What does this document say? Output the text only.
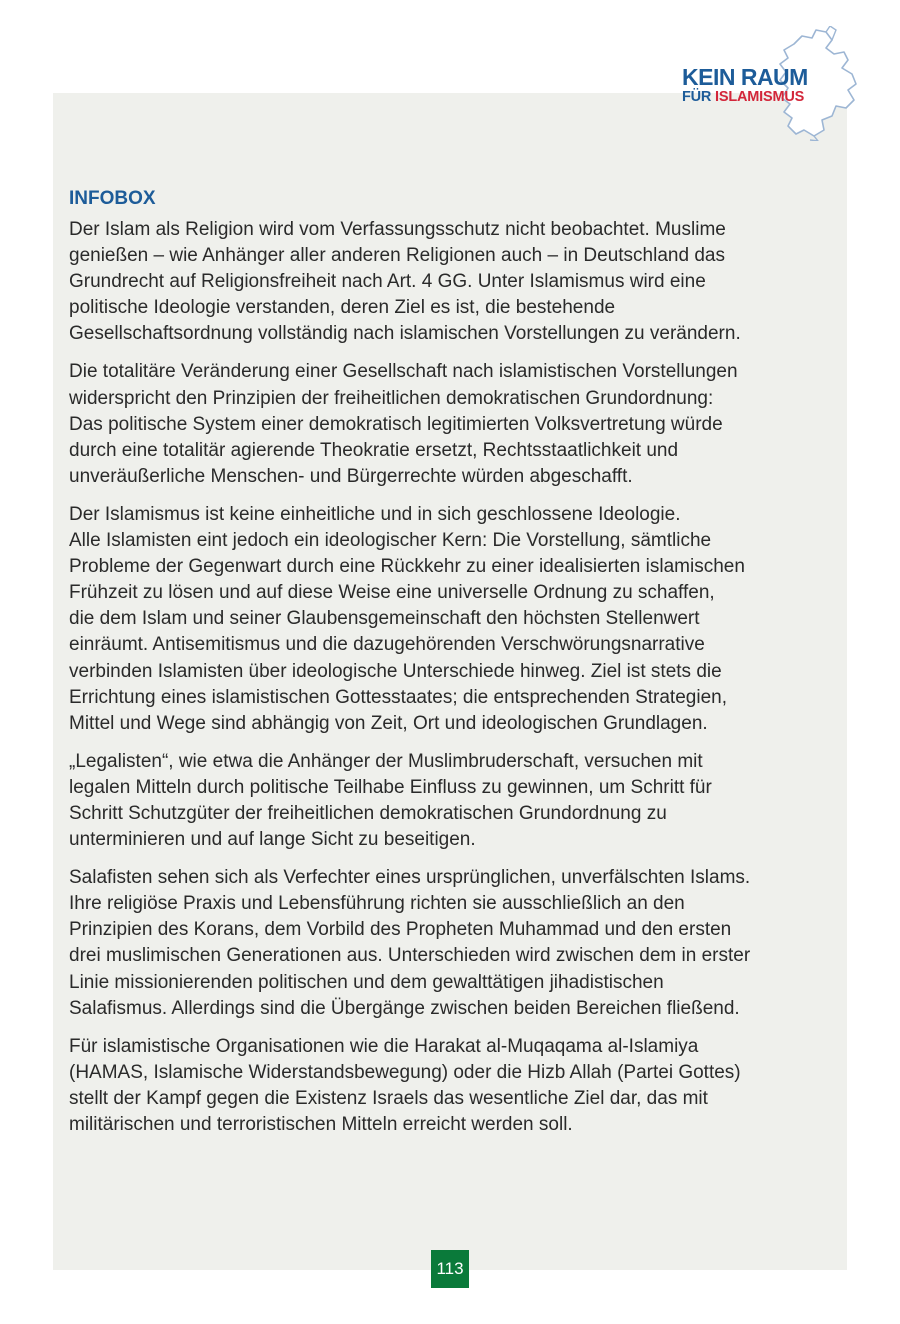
KEIN RAUM
FÜR ISLAMISMUS
INFOBOX

Der Islam als Religion wird vom Verfassungsschutz nicht beobachtet. Muslime
genießen – wie Anhänger aller anderen Religionen auch – in Deutschland das
Grundrecht auf Religionsfreiheit nach Art. 4 GG. Unter Islamismus wird eine
politische Ideologie verstanden, deren Ziel es ist, die bestehende
Gesellschaftsordnung vollständig nach islamischen Vorstellungen zu verändern.

Die totalitäre Veränderung einer Gesellschaft nach islamistischen Vorstellungen
widerspricht den Prinzipien der freiheitlichen demokratischen Grundordnung:
Das politische System einer demokratisch legitimierten Volksvertretung würde
durch eine totalitär agierende Theokratie ersetzt, Rechtsstaatlichkeit und
unveräußerliche Menschen- und Bürgerrechte würden abgeschafft.

Der Islamismus ist keine einheitliche und in sich geschlossene Ideologie.
Alle Islamisten eint jedoch ein ideologischer Kern: Die Vorstellung, sämtliche
Probleme der Gegenwart durch eine Rückkehr zu einer idealisierten islamischen
Frühzeit zu lösen und auf diese Weise eine universelle Ordnung zu schaffen,
die dem Islam und seiner Glaubensgemeinschaft den höchsten Stellenwert
einräumt. Antisemitismus und die dazugehörenden Verschwörungsnarrative
verbinden Islamisten über ideologische Unterschiede hinweg. Ziel ist stets die
Errichtung eines islamistischen Gottesstaates; die entsprechenden Strategien,
Mittel und Wege sind abhängig von Zeit, Ort und ideologischen Grundlagen.

„Legalisten“, wie etwa die Anhänger der Muslimbruderschaft, versuchen mit
legalen Mitteln durch politische Teilhabe Einfluss zu gewinnen, um Schritt für
Schritt Schutzgüter der freiheitlichen demokratischen Grundordnung zu
unterminieren und auf lange Sicht zu beseitigen.

Salafisten sehen sich als Verfechter eines ursprünglichen, unverfälschten Islams.
Ihre religiöse Praxis und Lebensführung richten sie ausschließlich an den
Prinzipien des Korans, dem Vorbild des Propheten Muhammad und den ersten
drei muslimischen Generationen aus. Unterschieden wird zwischen dem in erster
Linie missionierenden politischen und dem gewalttätigen jihadistischen
Salafismus. Allerdings sind die Übergänge zwischen beiden Bereichen fließend.

Für islamistische Organisationen wie die Harakat al-Muqaqama al-Islamiya
(HAMAS, Islamische Widerstandsbewegung) oder die Hizb Allah (Partei Gottes)
stellt der Kampf gegen die Existenz Israels das wesentliche Ziel dar, das mit
militärischen und terroristischen Mitteln erreicht werden soll.

113
